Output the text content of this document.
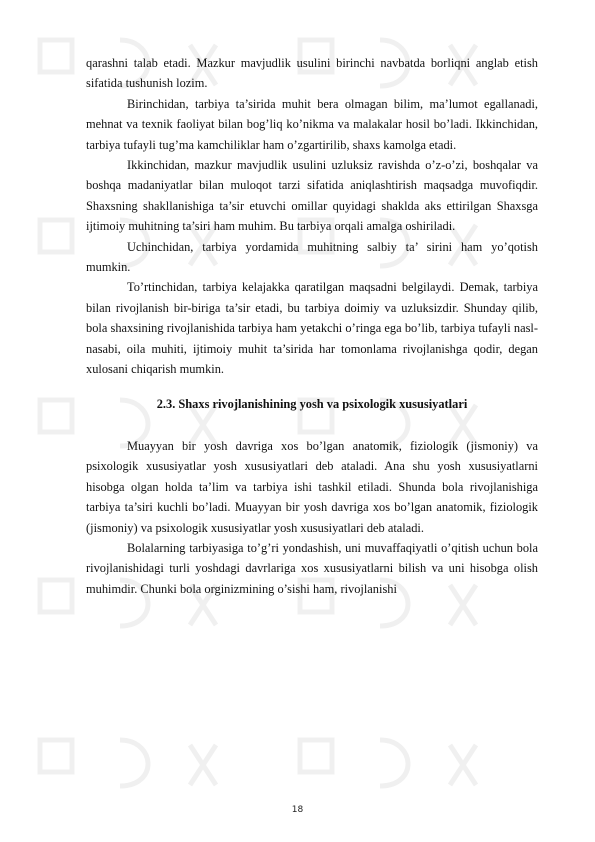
qarashni talab etadi. Mazkur mavjudlik usulini birinchi navbatda borliqni anglab etish sifatida tushunish lozim.

Birinchidan, tarbiya ta’sirida muhit bera olmagan bilim, ma’lumot egallanadi, mehnat va texnik faoliyat bilan bog’liq ko’nikma va malakalar hosil bo’ladi. Ikkinchidan, tarbiya tufayli tug’ma kamchiliklar ham o’zgartirilib, shaxs kamolga etadi.

Ikkinchidan, mazkur mavjudlik usulini uzluksiz ravishda o’z-o’zi, boshqalar va boshqa madaniyatlar bilan muloqot tarzi sifatida aniqlashtirish maqsadga muvofiqdir. Shaxsning shakllanishiga ta’sir etuvchi omillar quyidagi shaklda aks ettirilgan Shaxsga ijtimoiy muhitning ta’siri ham muhim. Bu tarbiya orqali amalga oshiriladi.

Uchinchidan, tarbiya yordamida muhitning salbiy ta’ sirini ham yo’qotish mumkin.

To’rtinchidan, tarbiya kelajakka qaratilgan maqsadni belgilaydi. Demak, tarbiya bilan rivojlanish bir-biriga ta’sir etadi, bu tarbiya doimiy va uzluksizdir. Shunday qilib, bola shaxsining rivojlanishida tarbiya ham yetakchi o’ringa ega bo’lib, tarbiya tufayli nasl-nasabi, oila muhiti, ijtimoiy muhit ta’sirida har tomonlama rivojlanishga qodir, degan xulosani chiqarish mumkin.

2.3. Shaxs rivojlanishining yosh va psixologik xususiyatlari

Muayyan bir yosh davriga xos bo’lgan anatomik, fiziologik (jismoniy) va psixologik xususiyatlar yosh xususiyatlari deb ataladi. Ana shu yosh xususiyatlarni hisobga olgan holda ta’lim va tarbiya ishi tashkil etiladi. Shunda bola rivojlanishiga tarbiya ta’siri kuchli bo’ladi. Muayyan bir yosh davriga xos bo’lgan anatomik, fiziologik (jismoniy) va psixologik xususiyatlar yosh xususiyatlari deb ataladi.

Bolalarning tarbiyasiga to’g’ri yondashish, uni muvaffaqiyatli o’qitish uchun bola rivojlanishidagi turli yoshdagi davrlariga xos xususiyatlarni bilish va uni hisobga olish muhimdir. Chunki bola orginizmining o’sishi ham, rivojlanishi

18
